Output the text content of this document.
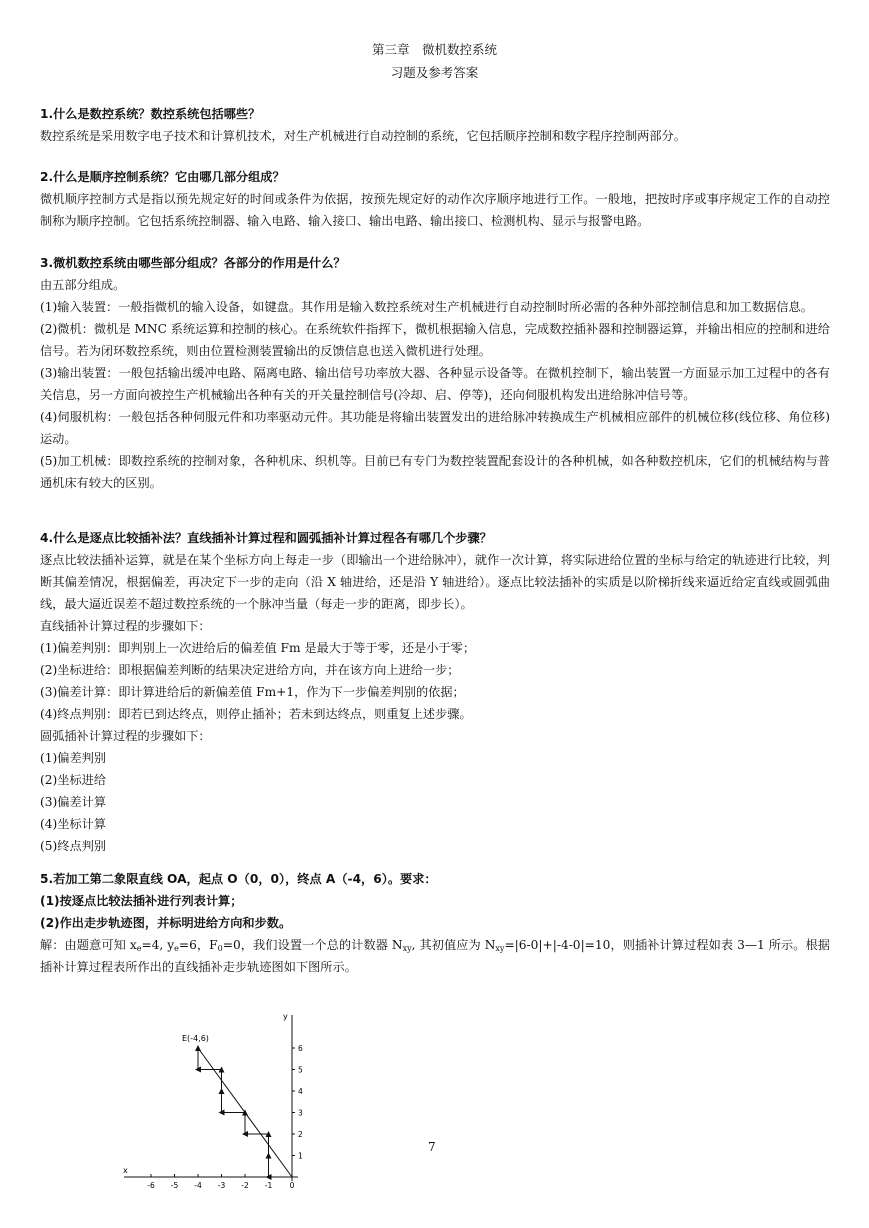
第三章　微机数控系统
习题及参考答案
1.什么是数控系统？数控系统包括哪些？
数控系统是采用数字电子技术和计算机技术，对生产机械进行自动控制的系统，它包括顺序控制和数字程序控制两部分。
2.什么是顺序控制系统？它由哪几部分组成？
微机顺序控制方式是指以预先规定好的时间或条件为依据，按预先规定好的动作次序顺序地进行工作。一般地，把按时序或事序规定工作的自动控制称为顺序控制。它包括系统控制器、输入电路、输入接口、输出电路、输出接口、检测机构、显示与报警电路。
3.微机数控系统由哪些部分组成？各部分的作用是什么？
由五部分组成。
(1)输入装置：一般指微机的输入设备，如键盘。其作用是输入数控系统对生产机械进行自动控制时所必需的各种外部控制信息和加工数据信息。
(2)微机：微机是 MNC 系统运算和控制的核心。在系统软件指挥下，微机根据输入信息，完成数控插补器和控制器运算，并输出相应的控制和进给信号。若为闭环数控系统，则由位置检测装置输出的反馈信息也送入微机进行处理。
(3)输出装置：一般包括输出缓冲电路、隔离电路、输出信号功率放大器、各种显示设备等。在微机控制下，输出装置一方面显示加工过程中的各有关信息，另一方面向被控生产机械输出各种有关的开关量控制信号(冷却、启、停等)，还向伺服机构发出进给脉冲信号等。
(4)伺服机构：一般包括各种伺服元件和功率驱动元件。其功能是将输出装置发出的进给脉冲转换成生产机械相应部件的机械位移(线位移、角位移)运动。
(5)加工机械：即数控系统的控制对象，各种机床、织机等。目前已有专门为数控装置配套设计的各种机械，如各种数控机床，它们的机械结构与普通机床有较大的区别。
4.什么是逐点比较插补法？直线插补计算过程和圆弧插补计算过程各有哪几个步骤？
逐点比较法插补运算，就是在某个坐标方向上每走一步（即输出一个进给脉冲），就作一次计算，将实际进给位置的坐标与给定的轨迹进行比较，判断其偏差情况，根据偏差，再决定下一步的走向（沿 X 轴进给，还是沿 Y 轴进给）。逐点比较法插补的实质是以阶梯折线来逼近给定直线或圆弧曲线，最大逼近误差不超过数控系统的一个脉冲当量（每走一步的距离，即步长）。
直线插补计算过程的步骤如下：
(1)偏差判别：即判别上一次进给后的偏差值 Fm 是最大于等于零，还是小于零；
(2)坐标进给：即根据偏差判断的结果决定进给方向，并在该方向上进给一步；
(3)偏差计算：即计算进给后的新偏差值 Fm+1，作为下一步偏差判别的依据；
(4)终点判别：即若已到达终点，则停止插补；若未到达终点，则重复上述步骤。
圆弧插补计算过程的步骤如下：
(1)偏差判别
(2)坐标进给
(3)偏差计算
(4)坐标计算
(5)终点判别
5.若加工第二象限直线 OA，起点 O（0，0），终点 A（-4，6）。要求：
(1)按逐点比较法插补进行列表计算；
(2)作出走步轨迹图，并标明进给方向和步数。
解：由题意可知 $x_e=4$, $y_e=6$，$F_0=0$，我们设置一个总的计数器 $N_{xy}$, 其初值应为 $N_{xy}=|6-0|+|-4-0|=10$，则插补计算过程如表 3—1 所示。根据插补计算过程表所作出的直线插补走步轨迹图如下图所示。
x
y
-6 -5 -4 -3 -2 -1 0
1
2
3
4
5
6
E(-4,6)
7
